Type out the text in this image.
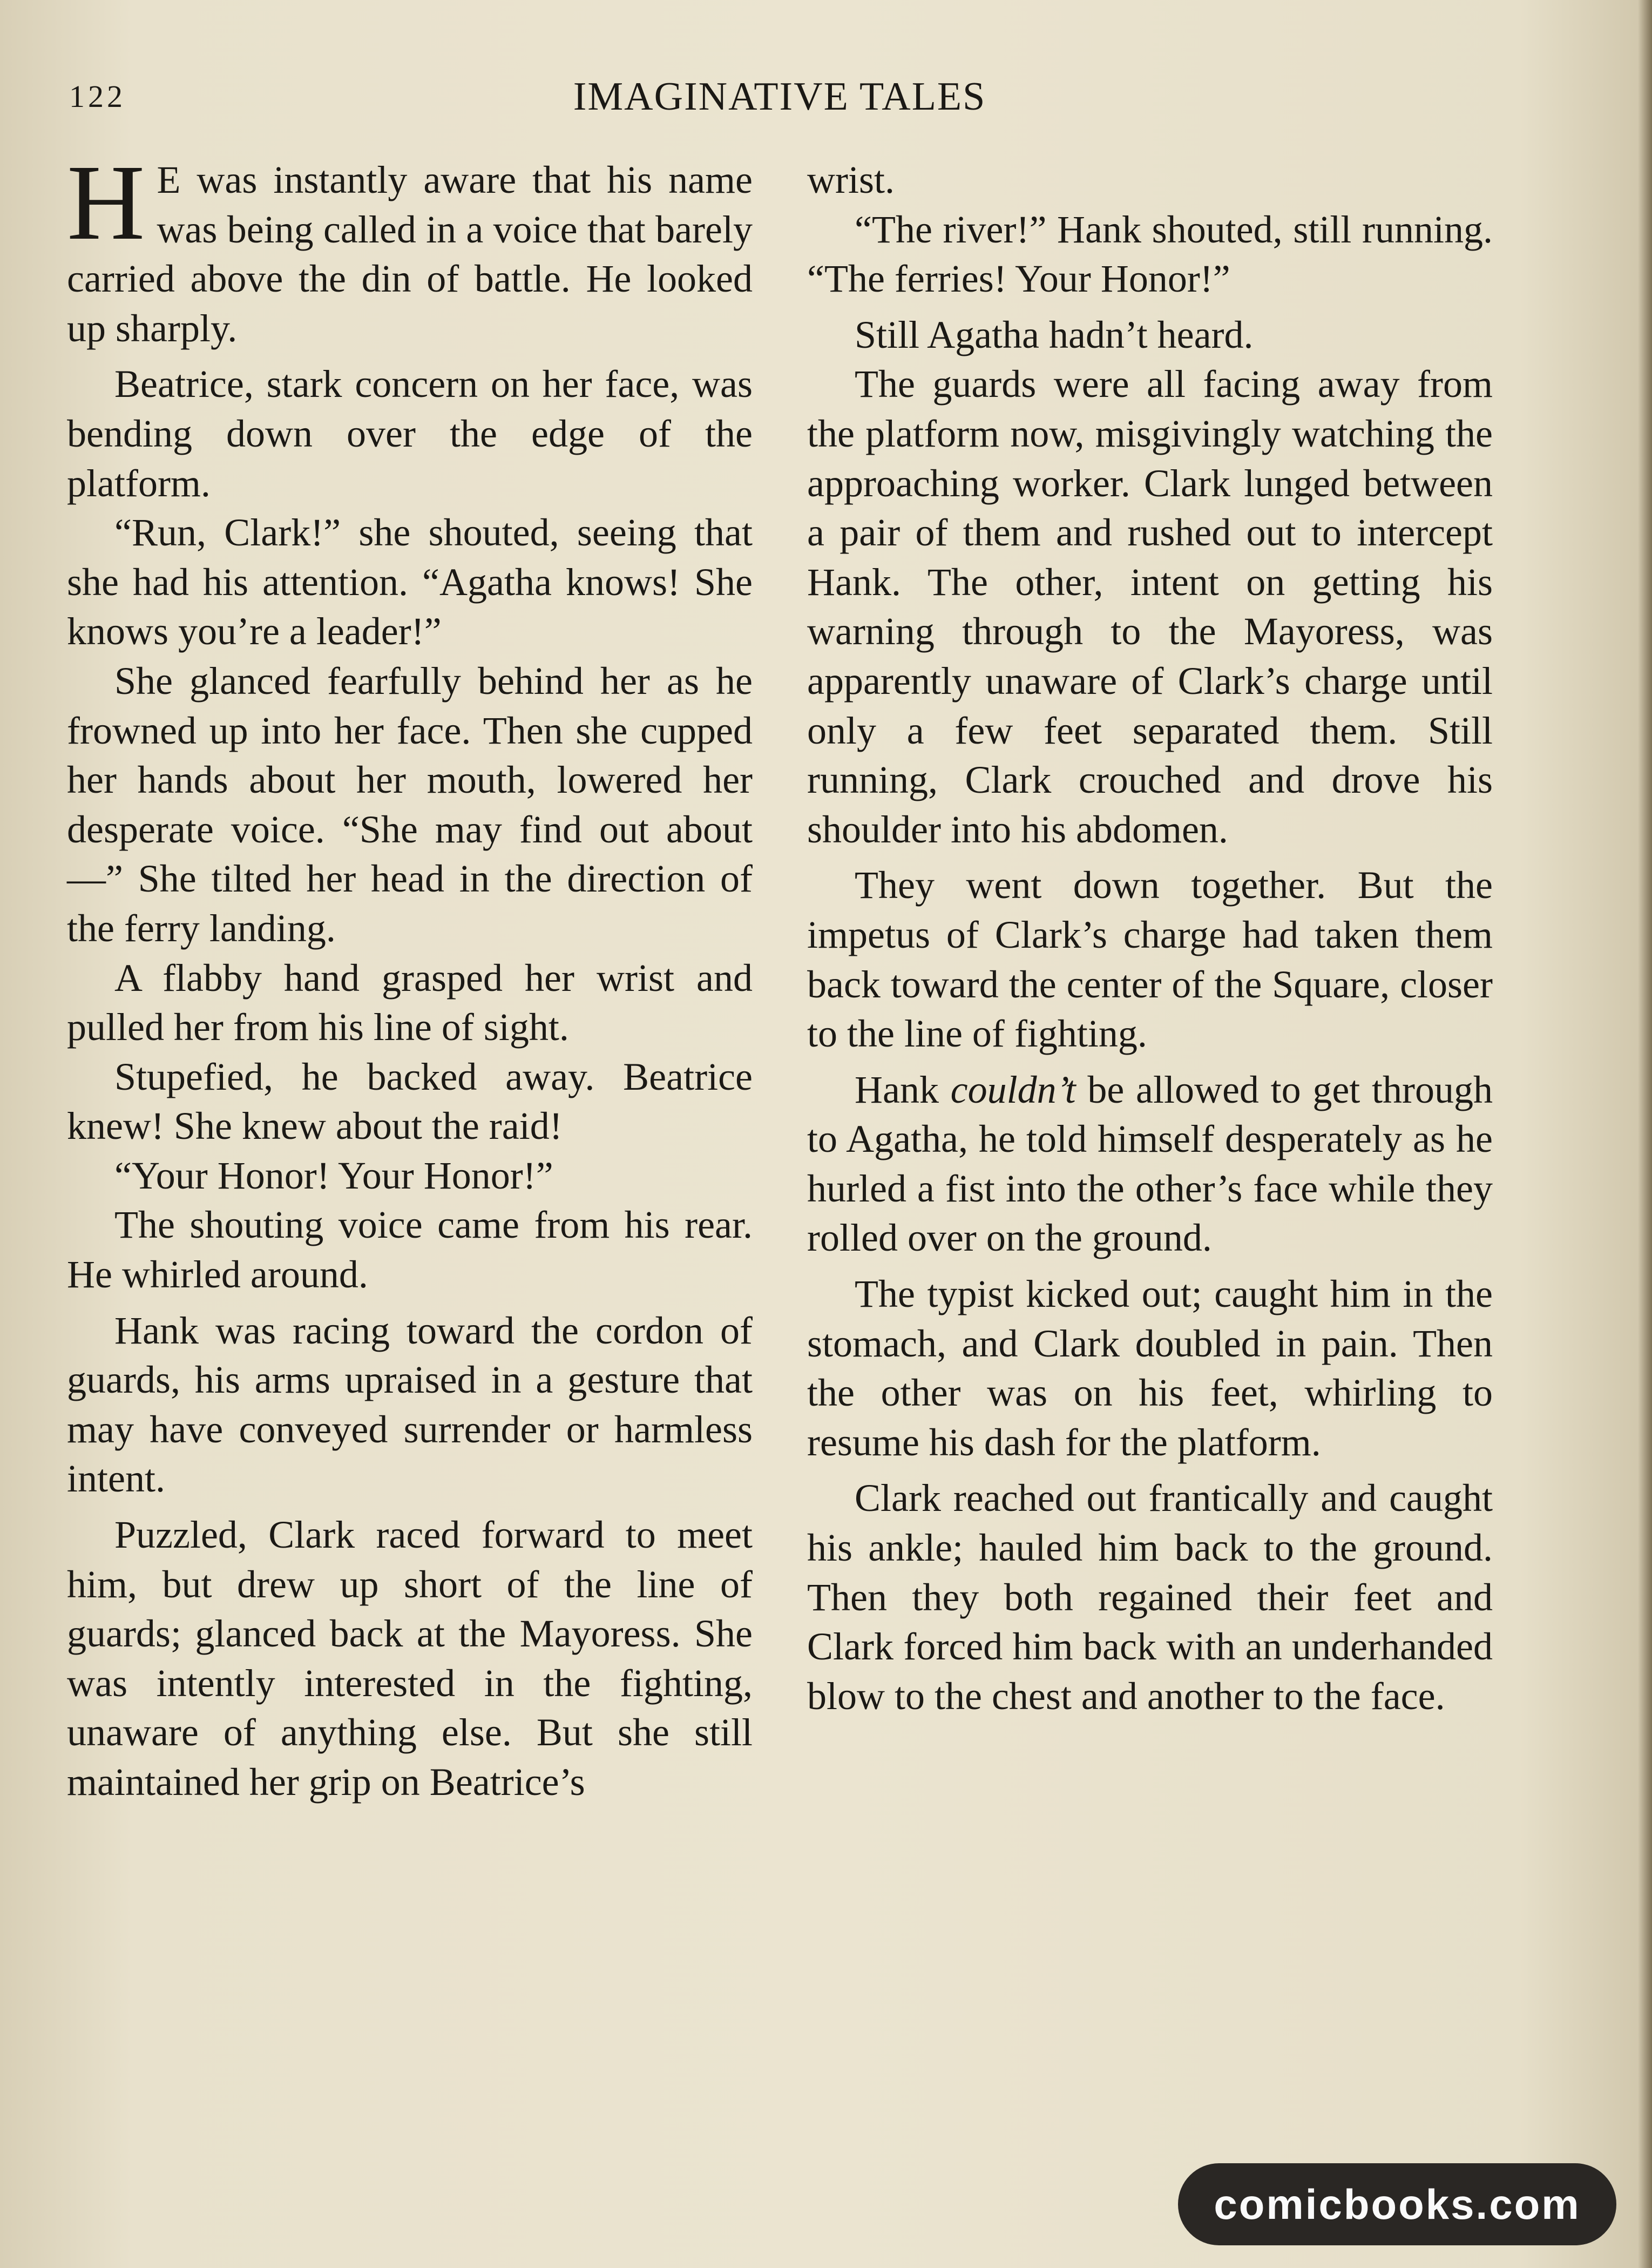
122	IMAGINATIVE TALES

H E was instantly aware that his name was being called in a voice that barely carried above the din of battle. He looked up sharply.

Beatrice, stark concern on her face, was bending down over the edge of the platform.

“Run, Clark!” she shouted, seeing that she had his attention. “Agatha knows! She knows you’re a leader!”

She glanced fearfully behind her as he frowned up into her face. Then she cupped her hands about her mouth, lowered her desperate voice. “She may find out about —” She tilted her head in the direction of the ferry landing.

A flabby hand grasped her wrist and pulled her from his line of sight.

Stupefied, he backed away. Beatrice knew! She knew about the raid!

“Your Honor! Your Honor!”

The shouting voice came from his rear. He whirled around.

Hank was racing toward the cordon of guards, his arms upraised in a gesture that may have conveyed surrender or harmless intent.

Puzzled, Clark raced forward to meet him, but drew up short of the line of guards; glanced back at the Mayoress. She was intently interested in the fighting, unaware of anything else. But she still maintained her grip on Beatrice’s

wrist.

“The river!” Hank shouted, still running. “The ferries! Your Honor!”

Still Agatha hadn’t heard.

The guards were all facing away from the platform now, misgivingly watching the approaching worker. Clark lunged between a pair of them and rushed out to intercept Hank. The other, intent on getting his warning through to the Mayoress, was apparently unaware of Clark’s charge until only a few feet separated them. Still running, Clark crouched and drove his shoulder into his abdomen.

They went down together. But the impetus of Clark’s charge had taken them back toward the center of the Square, closer to the line of fighting.

Hank couldn’t be allowed to get through to Agatha, he told himself desperately as he hurled a fist into the other’s face while they rolled over on the ground.

The typist kicked out; caught him in the stomach, and Clark doubled in pain. Then the other was on his feet, whirling to resume his dash for the platform.

Clark reached out frantically and caught his ankle; hauled him back to the ground. Then they both regained their feet and Clark forced him back with an underhanded blow to the chest and another to the face.

comicbooks.com
